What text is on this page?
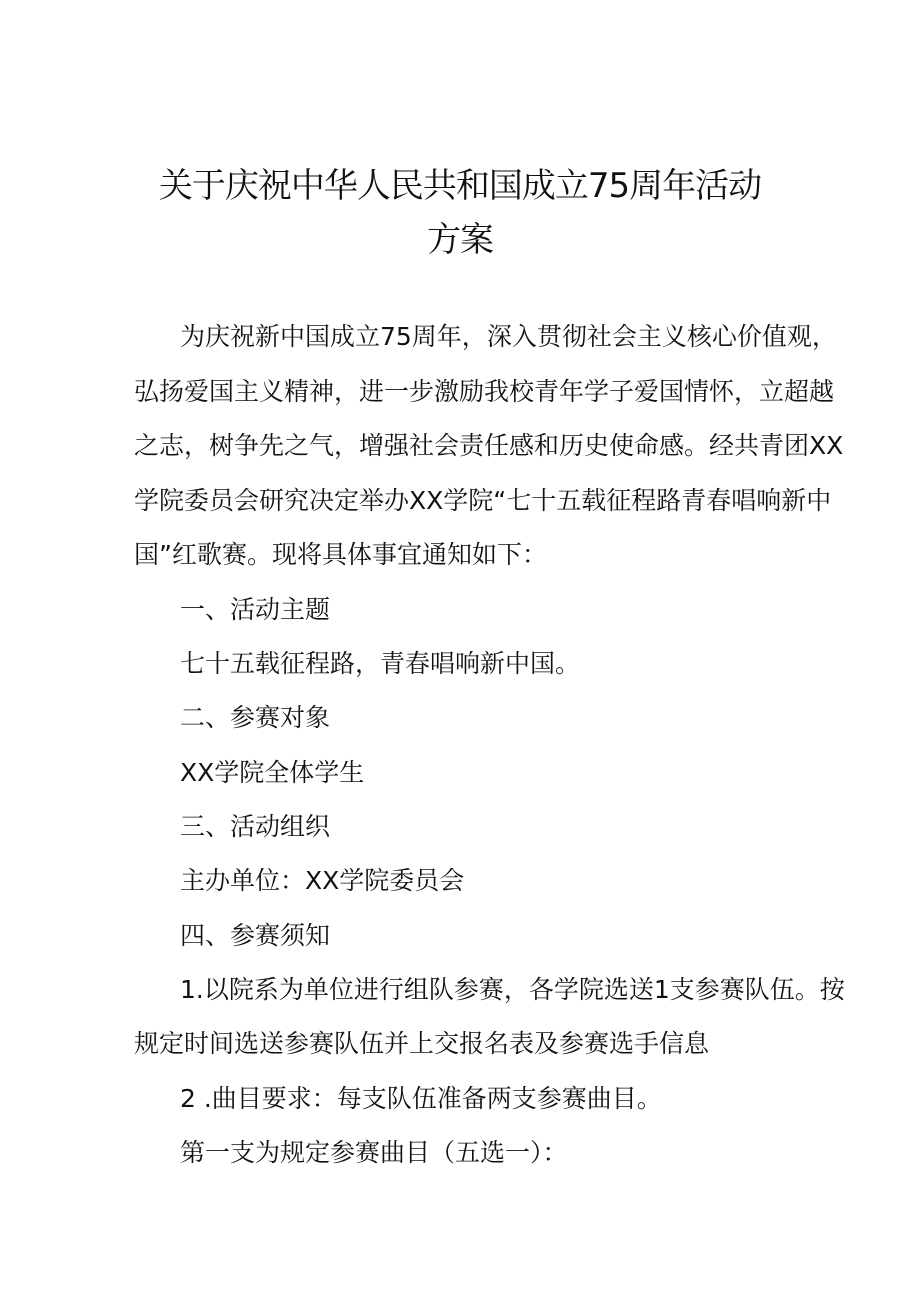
关于庆祝中华人民共和国成立75周年活动
方案
为庆祝新中国成立75周年，深入贯彻社会主义核心价值观，
弘扬爱国主义精神，进一步激励我校青年学子爱国情怀，立超越
之志，树争先之气，增强社会责任感和历史使命感。经共青团XX
学院委员会研究决定举办XX学院“七十五载征程路青春唱响新中
国”红歌赛。现将具体事宜通知如下：
一、活动主题
七十五载征程路，青春唱响新中国。
二、参赛对象
XX学院全体学生
三、活动组织
主办单位：XX学院委员会
四、参赛须知
1.以院系为单位进行组队参赛，各学院选送1支参赛队伍。按
规定时间选送参赛队伍并上交报名表及参赛选手信息
2 .曲目要求：每支队伍准备两支参赛曲目。
第一支为规定参赛曲目（五选一）：
